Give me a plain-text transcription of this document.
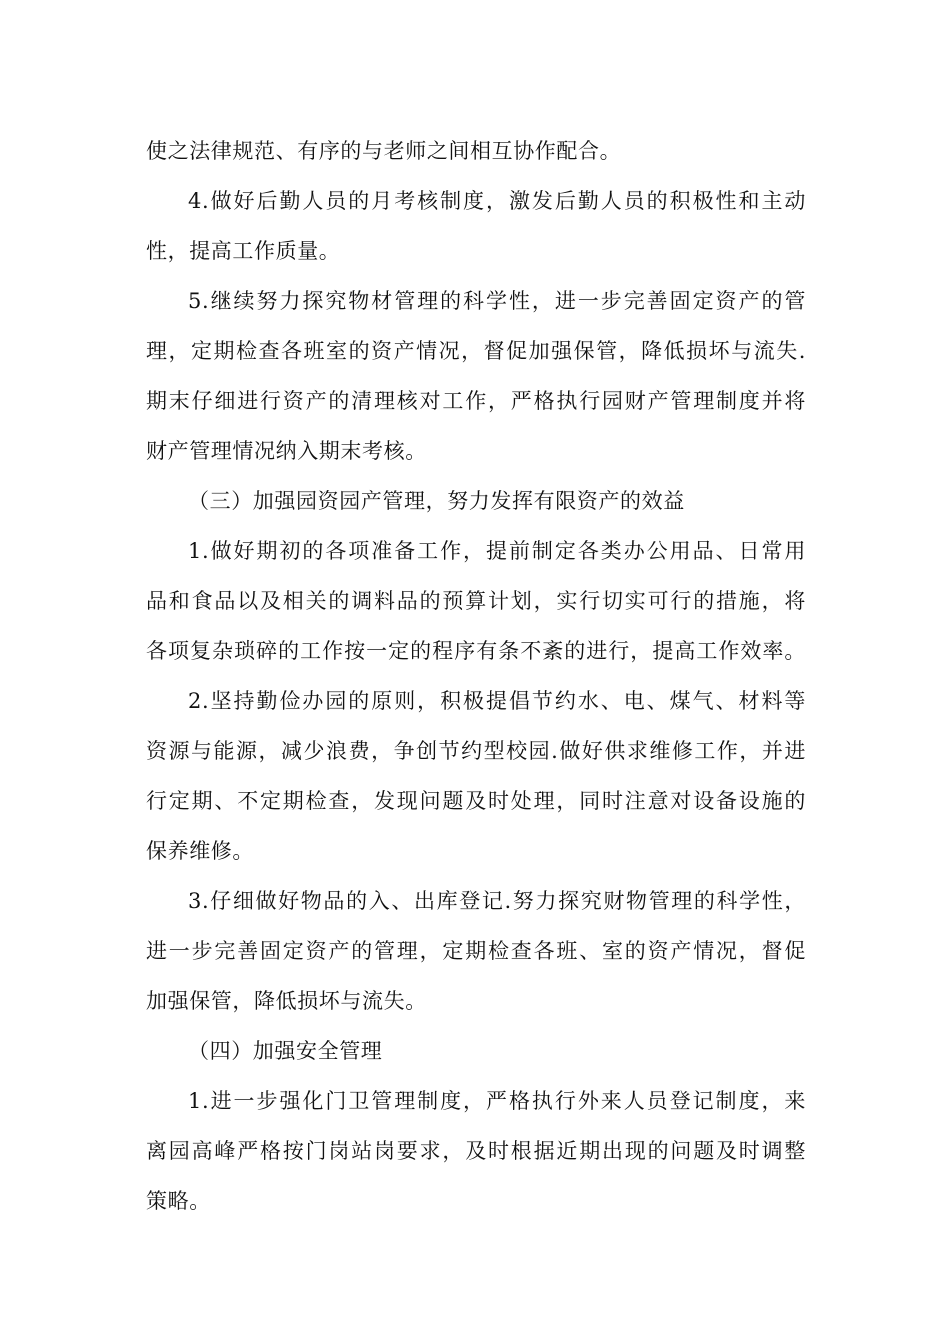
使之法律规范、有序的与老师之间相互协作配合。
4.做好后勤人员的月考核制度，激发后勤人员的积极性和主动
性，提高工作质量。
5.继续努力探究物材管理的科学性，进一步完善固定资产的管
理，定期检查各班室的资产情况，督促加强保管，降低损坏与流失.
期末仔细进行资产的清理核对工作，严格执行园财产管理制度并将
财产管理情况纳入期末考核。
（三）加强园资园产管理，努力发挥有限资产的效益
1.做好期初的各项准备工作，提前制定各类办公用品、日常用
品和食品以及相关的调料品的预算计划，实行切实可行的措施，将
各项复杂琐碎的工作按一定的程序有条不紊的进行，提高工作效率。
2.坚持勤俭办园的原则，积极提倡节约水、电、煤气、材料等
资源与能源，减少浪费，争创节约型校园.做好供求维修工作，并进
行定期、不定期检查，发现问题及时处理，同时注意对设备设施的
保养维修。
3.仔细做好物品的入、出库登记.努力探究财物管理的科学性，
进一步完善固定资产的管理，定期检查各班、室的资产情况，督促
加强保管，降低损坏与流失。
（四）加强安全管理
1.进一步强化门卫管理制度，严格执行外来人员登记制度，来
离园高峰严格按门岗站岗要求，及时根据近期出现的问题及时调整
策略。
